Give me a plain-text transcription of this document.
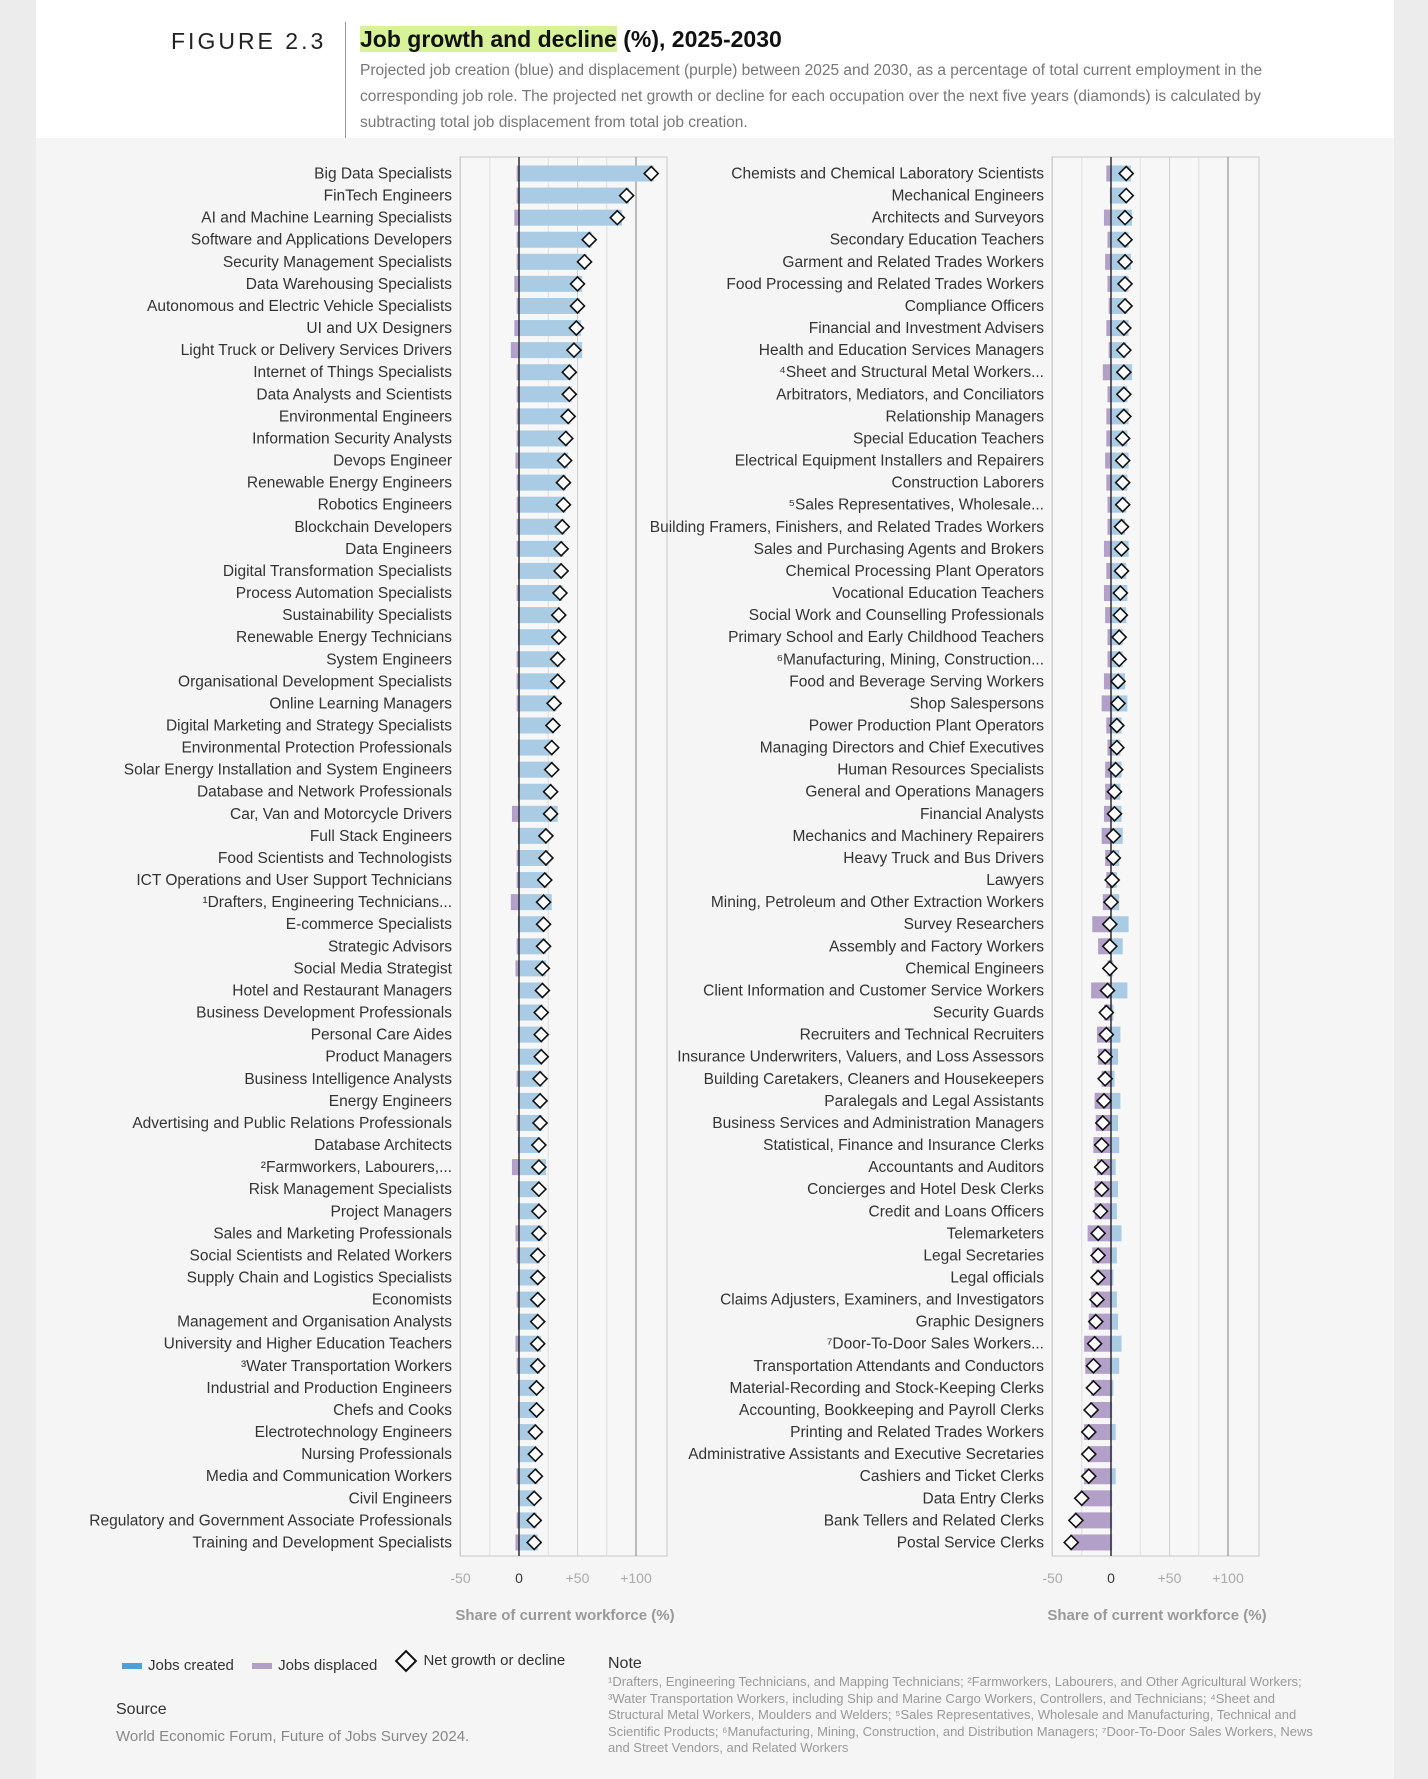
FIGURE 2.3 Job growth and decline (%), 2025-2030
Projected job creation (blue) and displacement (purple) between 2025 and 2030, as a percentage of total current employment in the corresponding job role. The projected net growth or decline for each occupation over the next five years (diamonds) is calculated by subtracting total job displacement from total job creation.
Big Data Specialists
FinTech Engineers
AI and Machine Learning Specialists
Software and Applications Developers
Security Management Specialists
Data Warehousing Specialists
Autonomous and Electric Vehicle Specialists
UI and UX Designers
Light Truck or Delivery Services Drivers
Internet of Things Specialists
Data Analysts and Scientists
Environmental Engineers
Information Security Analysts
Devops Engineer
Renewable Energy Engineers
Robotics Engineers
Blockchain Developers
Data Engineers
Digital Transformation Specialists
Process Automation Specialists
Sustainability Specialists
Renewable Energy Technicians
System Engineers
Organisational Development Specialists
Online Learning Managers
Digital Marketing and Strategy Specialists
Environmental Protection Professionals
Solar Energy Installation and System Engineers
Database and Network Professionals
Car, Van and Motorcycle Drivers
Full Stack Engineers
Food Scientists and Technologists
ICT Operations and User Support Technicians
¹Drafters, Engineering Technicians...
E-commerce Specialists
Strategic Advisors
Social Media Strategist
Hotel and Restaurant Managers
Business Development Professionals
Personal Care Aides
Product Managers
Business Intelligence Analysts
Energy Engineers
Advertising and Public Relations Professionals
Database Architects
²Farmworkers, Labourers,...
Risk Management Specialists
Project Managers
Sales and Marketing Professionals
Social Scientists and Related Workers
Supply Chain and Logistics Specialists
Economists
Management and Organisation Analysts
University and Higher Education Teachers
³Water Transportation Workers
Industrial and Production Engineers
Chefs and Cooks
Electrotechnology Engineers
Nursing Professionals
Media and Communication Workers
Civil Engineers
Regulatory and Government Associate Professionals
Training and Development Specialists
-50	0	+50 +100
Share of current workforce (%)
Chemists and Chemical Laboratory Scientists
Mechanical Engineers
Architects and Surveyors
Secondary Education Teachers
Garment and Related Trades Workers
Food Processing and Related Trades Workers
Compliance Officers
Financial and Investment Advisers
Health and Education Services Managers
⁴Sheet and Structural Metal Workers...
Arbitrators, Mediators, and Conciliators
Relationship Managers
Special Education Teachers
Electrical Equipment Installers and Repairers
Construction Laborers
⁵Sales Representatives, Wholesale...
Building Framers, Finishers, and Related Trades Workers
Sales and Purchasing Agents and Brokers
Chemical Processing Plant Operators
Vocational Education Teachers
Social Work and Counselling Professionals
Primary School and Early Childhood Teachers
⁶Manufacturing, Mining, Construction...
Food and Beverage Serving Workers
Shop Salespersons
Power Production Plant Operators
Managing Directors and Chief Executives
Human Resources Specialists
General and Operations Managers
Financial Analysts
Mechanics and Machinery Repairers
Heavy Truck and Bus Drivers
Lawyers
Mining, Petroleum and Other Extraction Workers
Survey Researchers
Assembly and Factory Workers
Chemical Engineers
Client Information and Customer Service Workers
Security Guards
Recruiters and Technical Recruiters
Insurance Underwriters, Valuers, and Loss Assessors
Building Caretakers, Cleaners and Housekeepers
Paralegals and Legal Assistants
Business Services and Administration Managers
Statistical, Finance and Insurance Clerks
Accountants and Auditors
Concierges and Hotel Desk Clerks
Credit and Loans Officers
Telemarketers
Legal Secretaries
Legal officials
Claims Adjusters, Examiners, and Investigators
Graphic Designers
⁷Door-To-Door Sales Workers...
Transportation Attendants and Conductors
Material-Recording and Stock-Keeping Clerks
Accounting, Bookkeeping and Payroll Clerks
Printing and Related Trades Workers
Administrative Assistants and Executive Secretaries
Cashiers and Ticket Clerks
Data Entry Clerks
Bank Tellers and Related Clerks
Postal Service Clerks
-50	0	+50 +100
Share of current workforce (%)
Jobs created
	Jobs displaced
	Net growth or decline
Source
World Economic Forum, Future of Jobs Survey 2024.
Note
¹Drafters, Engineering Technicians, and Mapping Technicians; ²Farmworkers, Labourers, and Other Agricultural Workers; ³Water Transportation Workers, including Ship and Marine Cargo Workers, Controllers, and Technicians; ⁴Sheet and Structural Metal Workers, Moulders and Welders; ⁵Sales Representatives, Wholesale and Manufacturing, Technical and Scientific Products; ⁶Manufacturing, Mining, Construction, and Distribution Managers; ⁷Door-To-Door Sales Workers, News and Street Vendors, and Related Workers
